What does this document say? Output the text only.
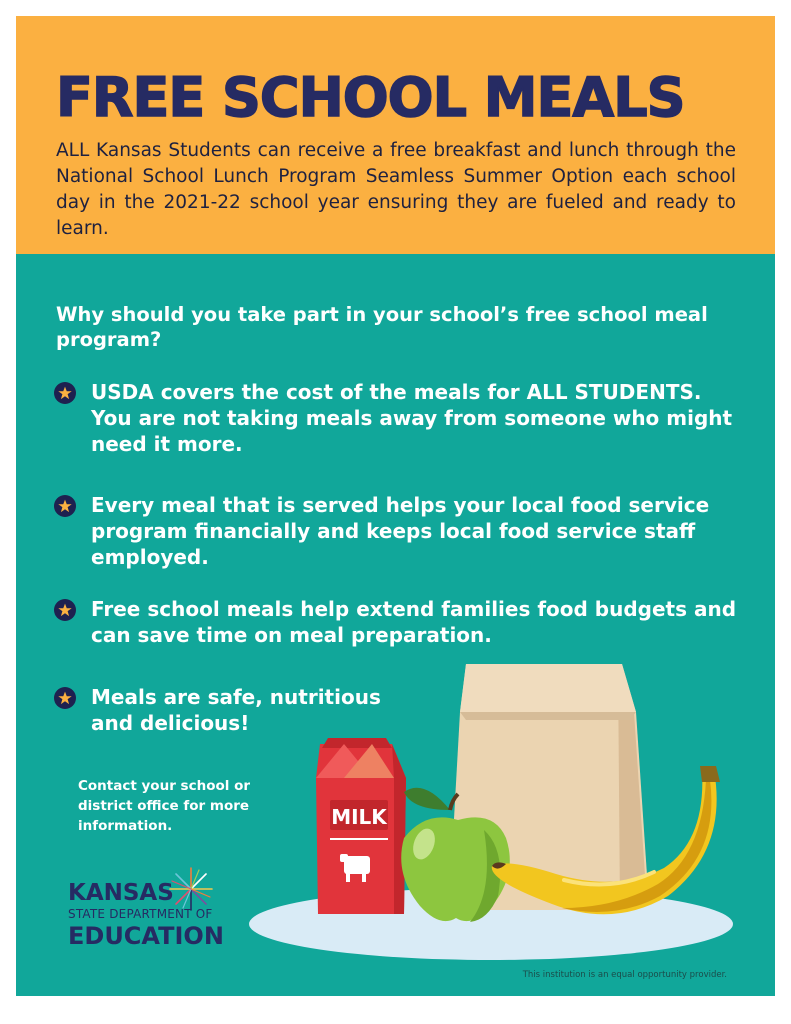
FREE SCHOOL MEALS

ALL Kansas Students can receive a free breakfast and lunch through the National School Lunch Program Seamless Summer Option each school day in the 2021-22 school year ensuring they are fueled and ready to learn.

Why should you take part in your school’s free school meal program?

USDA covers the cost of the meals for ALL STUDENTS. You are not taking meals away from someone who might need it more.
Every meal that is served helps your local food service program financially and keeps local food service staff employed.
Free school meals help extend families food budgets and can save time on meal preparation.
Meals are safe, nutritious and delicious!

Contact your school or district office for more information.

KANSAS
STATE DEPARTMENT OF
EDUCATION
MILK

This institution is an equal opportunity provider.
